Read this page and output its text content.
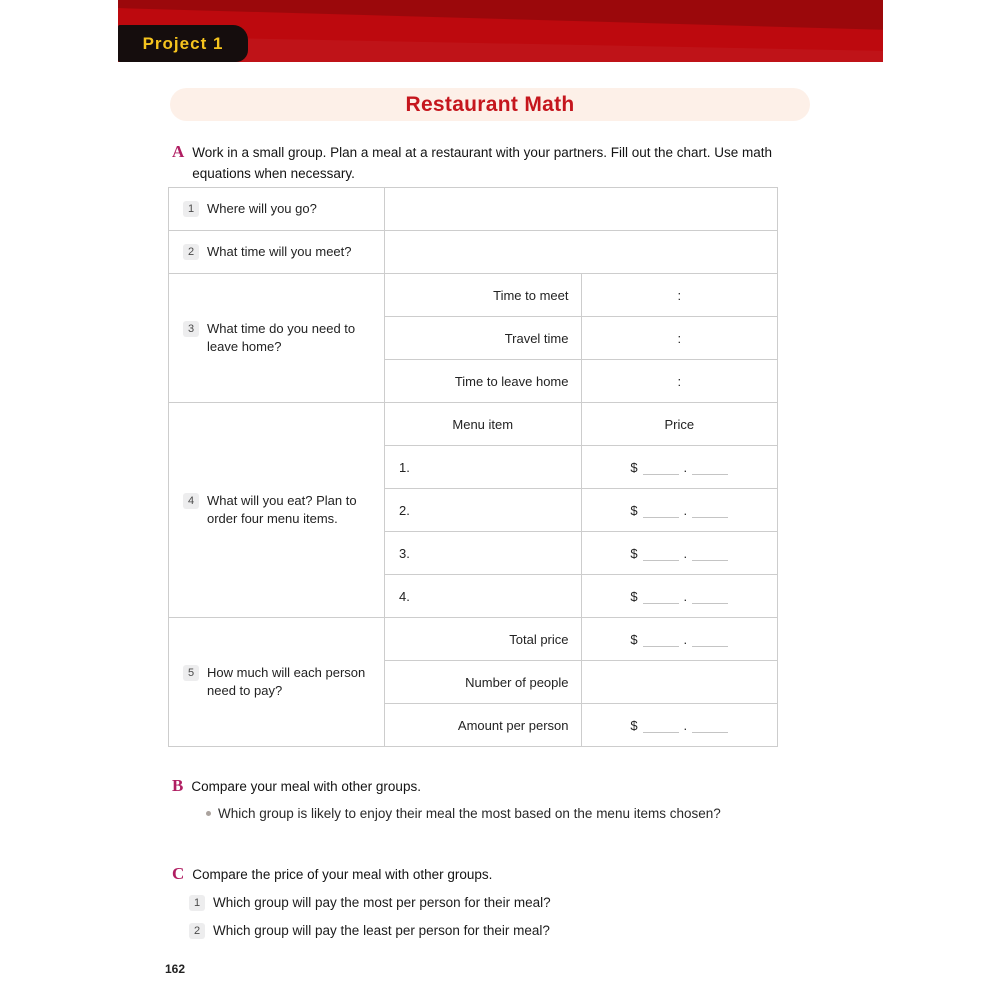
Project 1
Restaurant Math
A Work in a small group. Plan a meal at a restaurant with your partners. Fill out the chart. Use math equations when necessary.
1 Where will you go?		

2 What time will you meet?		

3 What time do you need to leave home?	Time to meet	:
	Travel time	:
	Time to leave home	:

4 What will you eat? Plan to order four menu items.	Menu item	Price
	1.	$ .

	2.	$ .

	3.	$ .

	4.	$ .

5 How much will each person need to pay?	Total price	$ .

	Number of people	
	Amount per person	$ .
B Compare your meal with other groups.
Which group is likely to enjoy their meal the most based on the menu items chosen?
C Compare the price of your meal with other groups.
1 Which group will pay the most per person for their meal?
2 Which group will pay the least per person for their meal?
162
